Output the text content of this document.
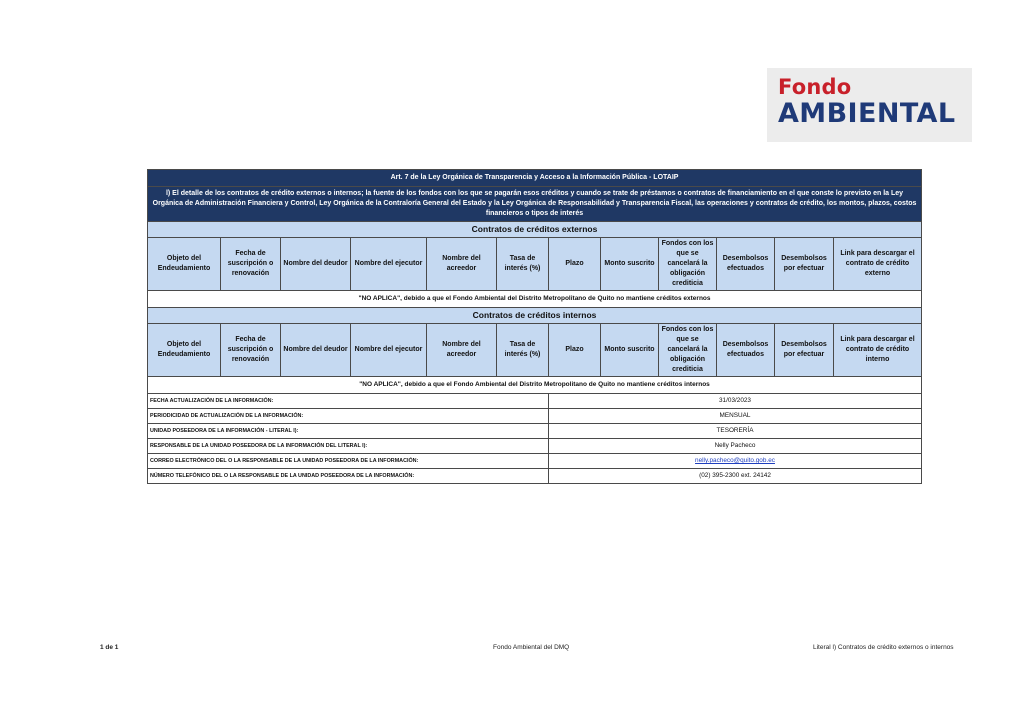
Fondo
AMBIENTAL
Art. 7 de la Ley Orgánica de Transparencia y Acceso a la Información Pública - LOTAIP											
l) El detalle de los contratos de crédito externos o internos; la fuente de los fondos con los que se pagarán esos créditos y cuando se trate de préstamos o contratos de financiamiento en el que conste lo previsto en la Ley Orgánica de Administración Financiera y Control, Ley Orgánica de la Contraloría General del Estado y la Ley Orgánica de Responsabilidad y Transparencia Fiscal, las operaciones y contratos de crédito, los montos, plazos, costos financieros o tipos de interés											
Contratos de créditos externos											
Objeto del Endeudamiento	Fecha de suscripción o renovación	Nombre del deudor	Nombre del ejecutor	Nombre del acreedor	Tasa de interés (%)	Plazo	Monto suscrito	Fondos con los que se cancelará la obligación crediticia	Desembolsos efectuados	Desembolsos por efectuar	Link para descargar el contrato de crédito externo
"NO APLICA", debido a que el Fondo Ambiental del Distrito Metropolitano de Quito no mantiene créditos externos											
Contratos de créditos internos											
Objeto del Endeudamiento	Fecha de suscripción o renovación	Nombre del deudor	Nombre del ejecutor	Nombre del acreedor	Tasa de interés (%)	Plazo	Monto suscrito	Fondos con los que se cancelará la obligación crediticia	Desembolsos efectuados	Desembolsos por efectuar	Link para descargar el contrato de crédito interno
"NO APLICA", debido a que el Fondo Ambiental del Distrito Metropolitano de Quito no mantiene créditos internos											
FECHA ACTUALIZACIÓN DE LA INFORMACIÓN:						31/03/2023					
PERIODICIDAD DE ACTUALIZACIÓN DE LA INFORMACIÓN:						MENSUAL					
UNIDAD POSEEDORA DE LA INFORMACIÓN - LITERAL l):						TESORERÍA					
RESPONSABLE DE LA UNIDAD POSEEDORA DE LA INFORMACIÓN DEL LITERAL l):						Nelly Pacheco					
CORREO ELECTRÓNICO DEL O LA RESPONSABLE DE LA UNIDAD POSEEDORA DE LA INFORMACIÓN:						nelly.pacheco@quito.gob.ec					
NÚMERO TELEFÓNICO DEL O LA RESPONSABLE DE LA UNIDAD POSEEDORA DE LA INFORMACIÓN:						(02) 395-2300 ext. 24142					
1 de 1	Fondo Ambiental del DMQ	Literal l) Contratos de crédito externos o internos
